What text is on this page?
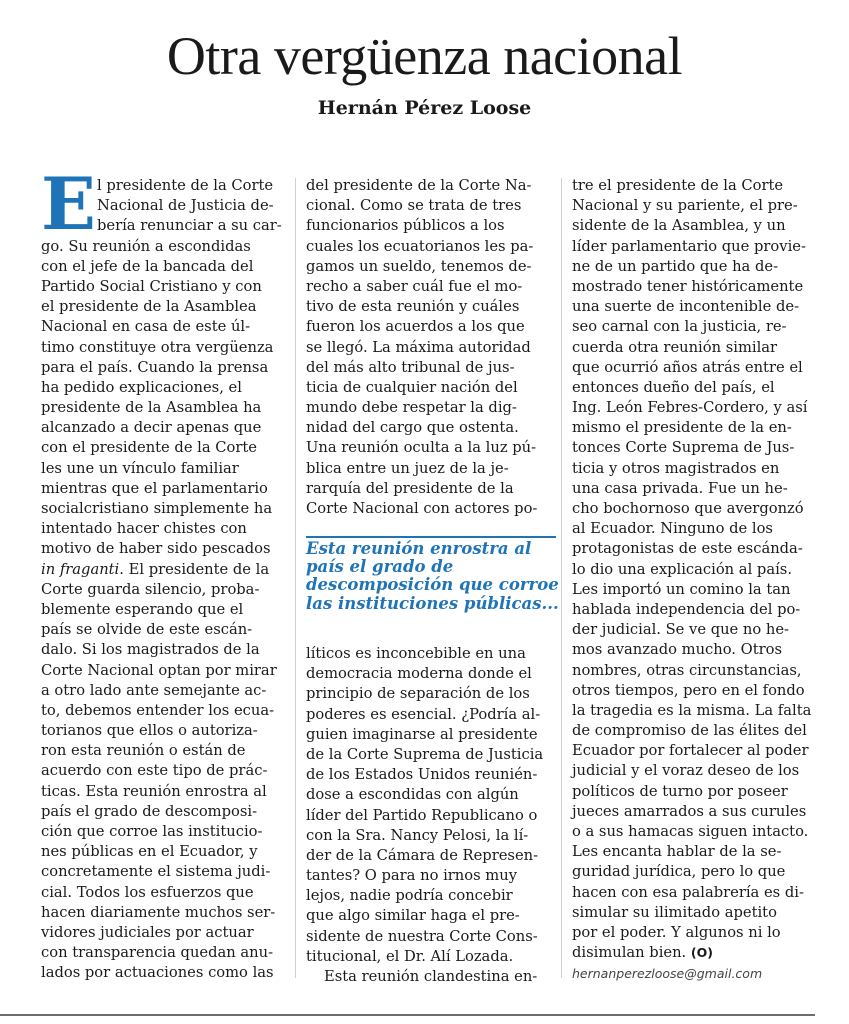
Otra vergüenza nacional
Hernán Pérez Loose
E l presidente de la Corte
Nacional de Justicia de-
bería renunciar a su car-
go. Su reunión a escondidas
con el jefe de la bancada del
Partido Social Cristiano y con
el presidente de la Asamblea
Nacional en casa de este úl-
timo constituye otra vergüenza
para el país. Cuando la prensa
ha pedido explicaciones, el
presidente de la Asamblea ha
alcanzado a decir apenas que
con el presidente de la Corte
les une un vínculo familiar
mientras que el parlamentario
socialcristiano simplemente ha
intentado hacer chistes con
motivo de haber sido pescados
in fraganti. El presidente de la
Corte guarda silencio, proba-
blemente esperando que el
país se olvide de este escán-
dalo. Si los magistrados de la
Corte Nacional optan por mirar
a otro lado ante semejante ac-
to, debemos entender los ecua-
torianos que ellos o autoriza-
ron esta reunión o están de
acuerdo con este tipo de prác-
ticas. Esta reunión enrostra al
país el grado de descomposi-
ción que corroe las institucio-
nes públicas en el Ecuador, y
concretamente el sistema judi-
cial. Todos los esfuerzos que
hacen diariamente muchos ser-
vidores judiciales por actuar
con transparencia quedan anu-
lados por actuaciones como las
del presidente de la Corte Na-
cional. Como se trata de tres
funcionarios públicos a los
cuales los ecuatorianos les pa-
gamos un sueldo, tenemos de-
recho a saber cuál fue el mo-
tivo de esta reunión y cuáles
fueron los acuerdos a los que
se llegó. La máxima autoridad
del más alto tribunal de jus-
ticia de cualquier nación del
mundo debe respetar la dig-
nidad del cargo que ostenta.
Una reunión oculta a la luz pú-
blica entre un juez de la je-
rarquía del presidente de la
Corte Nacional con actores po-
Esta reunión enrostra al
país el grado de
descomposición que corroe
las instituciones públicas...
líticos es inconcebible en una
democracia moderna donde el
principio de separación de los
poderes es esencial. ¿Podría al-
guien imaginarse al presidente
de la Corte Suprema de Justicia
de los Estados Unidos reunién-
dose a escondidas con algún
líder del Partido Republicano o
con la Sra. Nancy Pelosi, la lí-
der de la Cámara de Represen-
tantes? O para no irnos muy
lejos, nadie podría concebir
que algo similar haga el pre-
sidente de nuestra Corte Cons-
titucional, el Dr. Alí Lozada.
Esta reunión clandestina en-
tre el presidente de la Corte
Nacional y su pariente, el pre-
sidente de la Asamblea, y un
líder parlamentario que provie-
ne de un partido que ha de-
mostrado tener históricamente
una suerte de incontenible de-
seo carnal con la justicia, re-
cuerda otra reunión similar
que ocurrió años atrás entre el
entonces dueño del país, el
Ing. León Febres-Cordero, y así
mismo el presidente de la en-
tonces Corte Suprema de Jus-
ticia y otros magistrados en
una casa privada. Fue un he-
cho bochornoso que avergonzó
al Ecuador. Ninguno de los
protagonistas de este escánda-
lo dio una explicación al país.
Les importó un comino la tan
hablada independencia del po-
der judicial. Se ve que no he-
mos avanzado mucho. Otros
nombres, otras circunstancias,
otros tiempos, pero en el fondo
la tragedia es la misma. La falta
de compromiso de las élites del
Ecuador por fortalecer al poder
judicial y el voraz deseo de los
políticos de turno por poseer
jueces amarrados a sus curules
o a sus hamacas siguen intacto.
Les encanta hablar de la se-
guridad jurídica, pero lo que
hacen con esa palabrería es di-
simular su ilimitado apetito
por el poder. Y algunos ni lo
disimulan bien. (O)
hernanperezloose@gmail.com
